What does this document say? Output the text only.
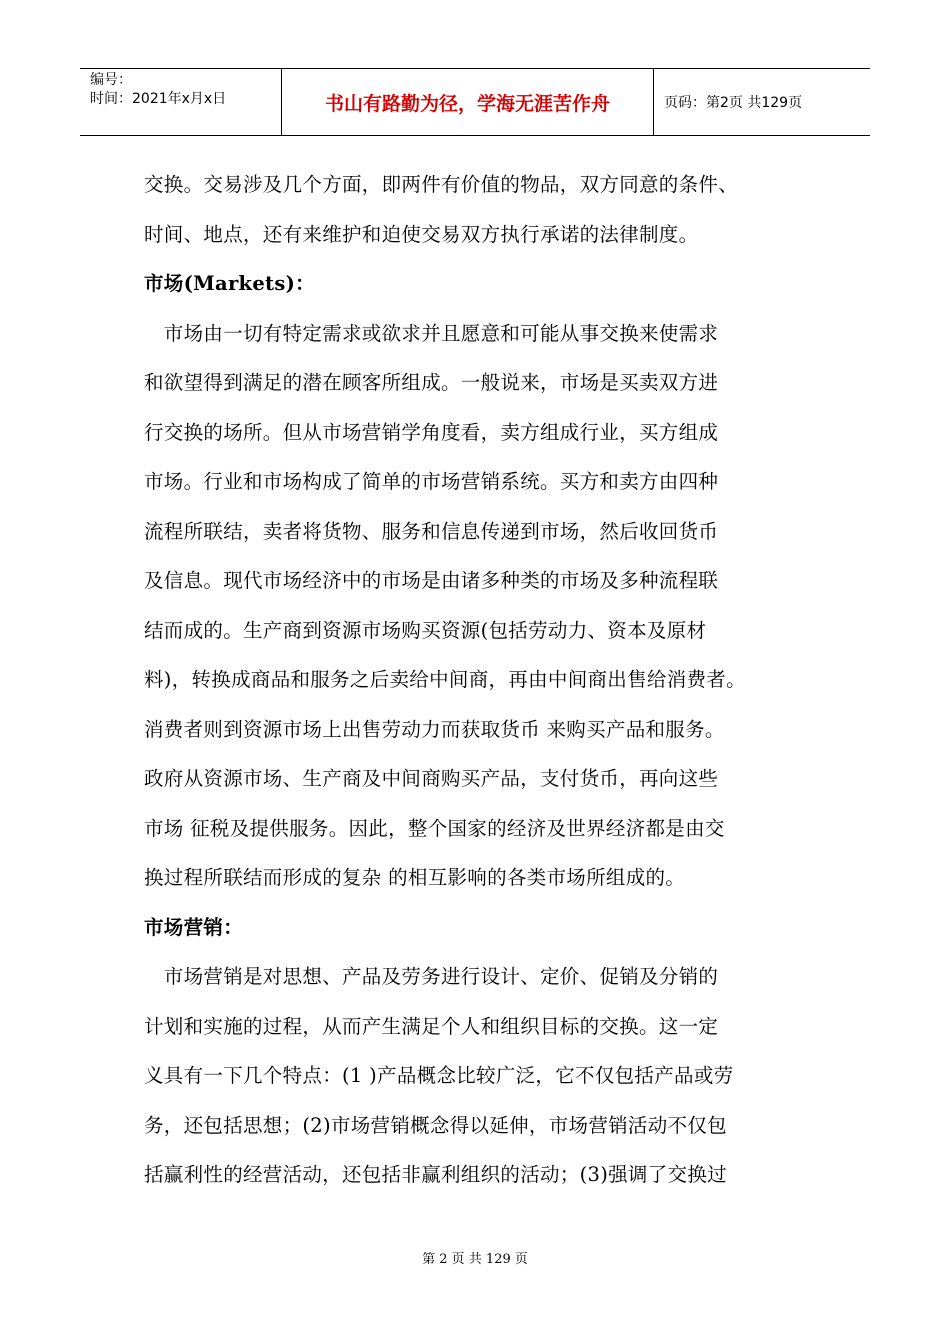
编号：
时间：2021年x月x日	书山有路勤为径，学海无涯苦作舟	页码：第2页 共129页

交换。交易涉及几个方面，即两件有价值的物品，双方同意的条件、

时间、地点，还有来维护和迫使交易双方执行承诺的法律制度。

市场(Markets)：

　市场由一切有特定需求或欲求并且愿意和可能从事交换来使需求

和欲望得到满足的潜在顾客所组成。一般说来，市场是买卖双方进

行交换的场所。但从市场营销学角度看，卖方组成行业，买方组成

市场。行业和市场构成了简单的市场营销系统。买方和卖方由四种

流程所联结，卖者将货物、服务和信息传递到市场，然后收回货币

及信息。现代市场经济中的市场是由诸多种类的市场及多种流程联

结而成的。生产商到资源市场购买资源(包括劳动力、资本及原材

料)，转换成商品和服务之后卖给中间商，再由中间商出售给消费者。

消费者则到资源市场上出售劳动力而获取货币 来购买产品和服务。

政府从资源市场、生产商及中间商购买产品，支付货币，再向这些

市场 征税及提供服务。因此，整个国家的经济及世界经济都是由交

换过程所联结而形成的复杂 的相互影响的各类市场所组成的。

市场营销：

　市场营销是对思想、产品及劳务进行设计、定价、促销及分销的

计划和实施的过程，从而产生满足个人和组织目标的交换。这一定

义具有一下几个特点：(1 )产品概念比较广泛，它不仅包括产品或劳

务，还包括思想；(2)市场营销概念得以延伸，市场营销活动不仅包

括赢利性的经营活动，还包括非赢利组织的活动；(3)强调了交换过

第 2 页 共 129 页
